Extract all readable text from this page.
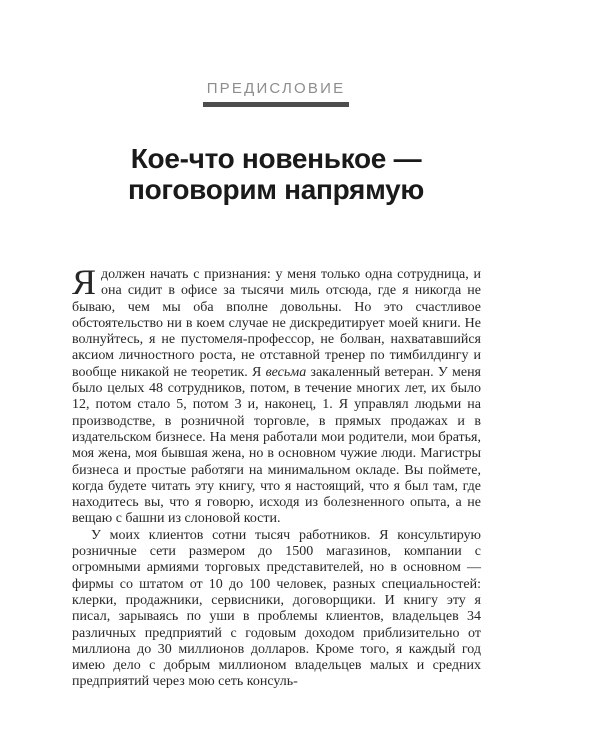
ПРЕДИСЛОВИЕ
Кое-что новенькое —
поговорим напрямую

Ядолжен начать с признания: у меня только одна сотрудница, и она сидит в офисе за тысячи миль отсюда, где я никогда не бываю, чем мы оба вполне довольны. Но это счастливое обстоятельство ни в коем случае не дискредитирует моей книги. Не волнуйтесь, я не пустомеля-профессор, не болван, нахватавшийся аксиом личностного роста, не отставной тренер по тимбилдингу и вообще никакой не теоретик. Я весьма закаленный ветеран. У меня было целых 48 сотрудников, потом, в течение многих лет, их было 12, потом стало 5, потом 3 и, наконец, 1. Я управлял людьми на производстве, в розничной торговле, в прямых продажах и в издательском бизнесе. На меня работали мои родители, мои братья, моя жена, моя бывшая жена, но в основном чужие люди. Магистры бизнеса и простые работяги на минимальном окладе. Вы поймете, когда будете читать эту книгу, что я настоящий, что я был там, где находитесь вы, что я говорю, исходя из болезненного опыта, а не вещаю с башни из слоновой кости.

У моих клиентов сотни тысяч работников. Я консультирую розничные сети размером до 1500 магазинов, компании с огромными армиями торговых представителей, но в основном — фирмы со штатом от 10 до 100 человек, разных специальностей: клерки, продажники, сервисники, договорщики. И книгу эту я писал, зарываясь по уши в проблемы клиентов, владельцев 34 различных предприятий с годовым доходом приблизительно от миллиона до 30 миллионов долларов. Кроме того, я каждый год имею дело с добрым миллионом владельцев малых и средних предприятий через мою сеть консуль-
